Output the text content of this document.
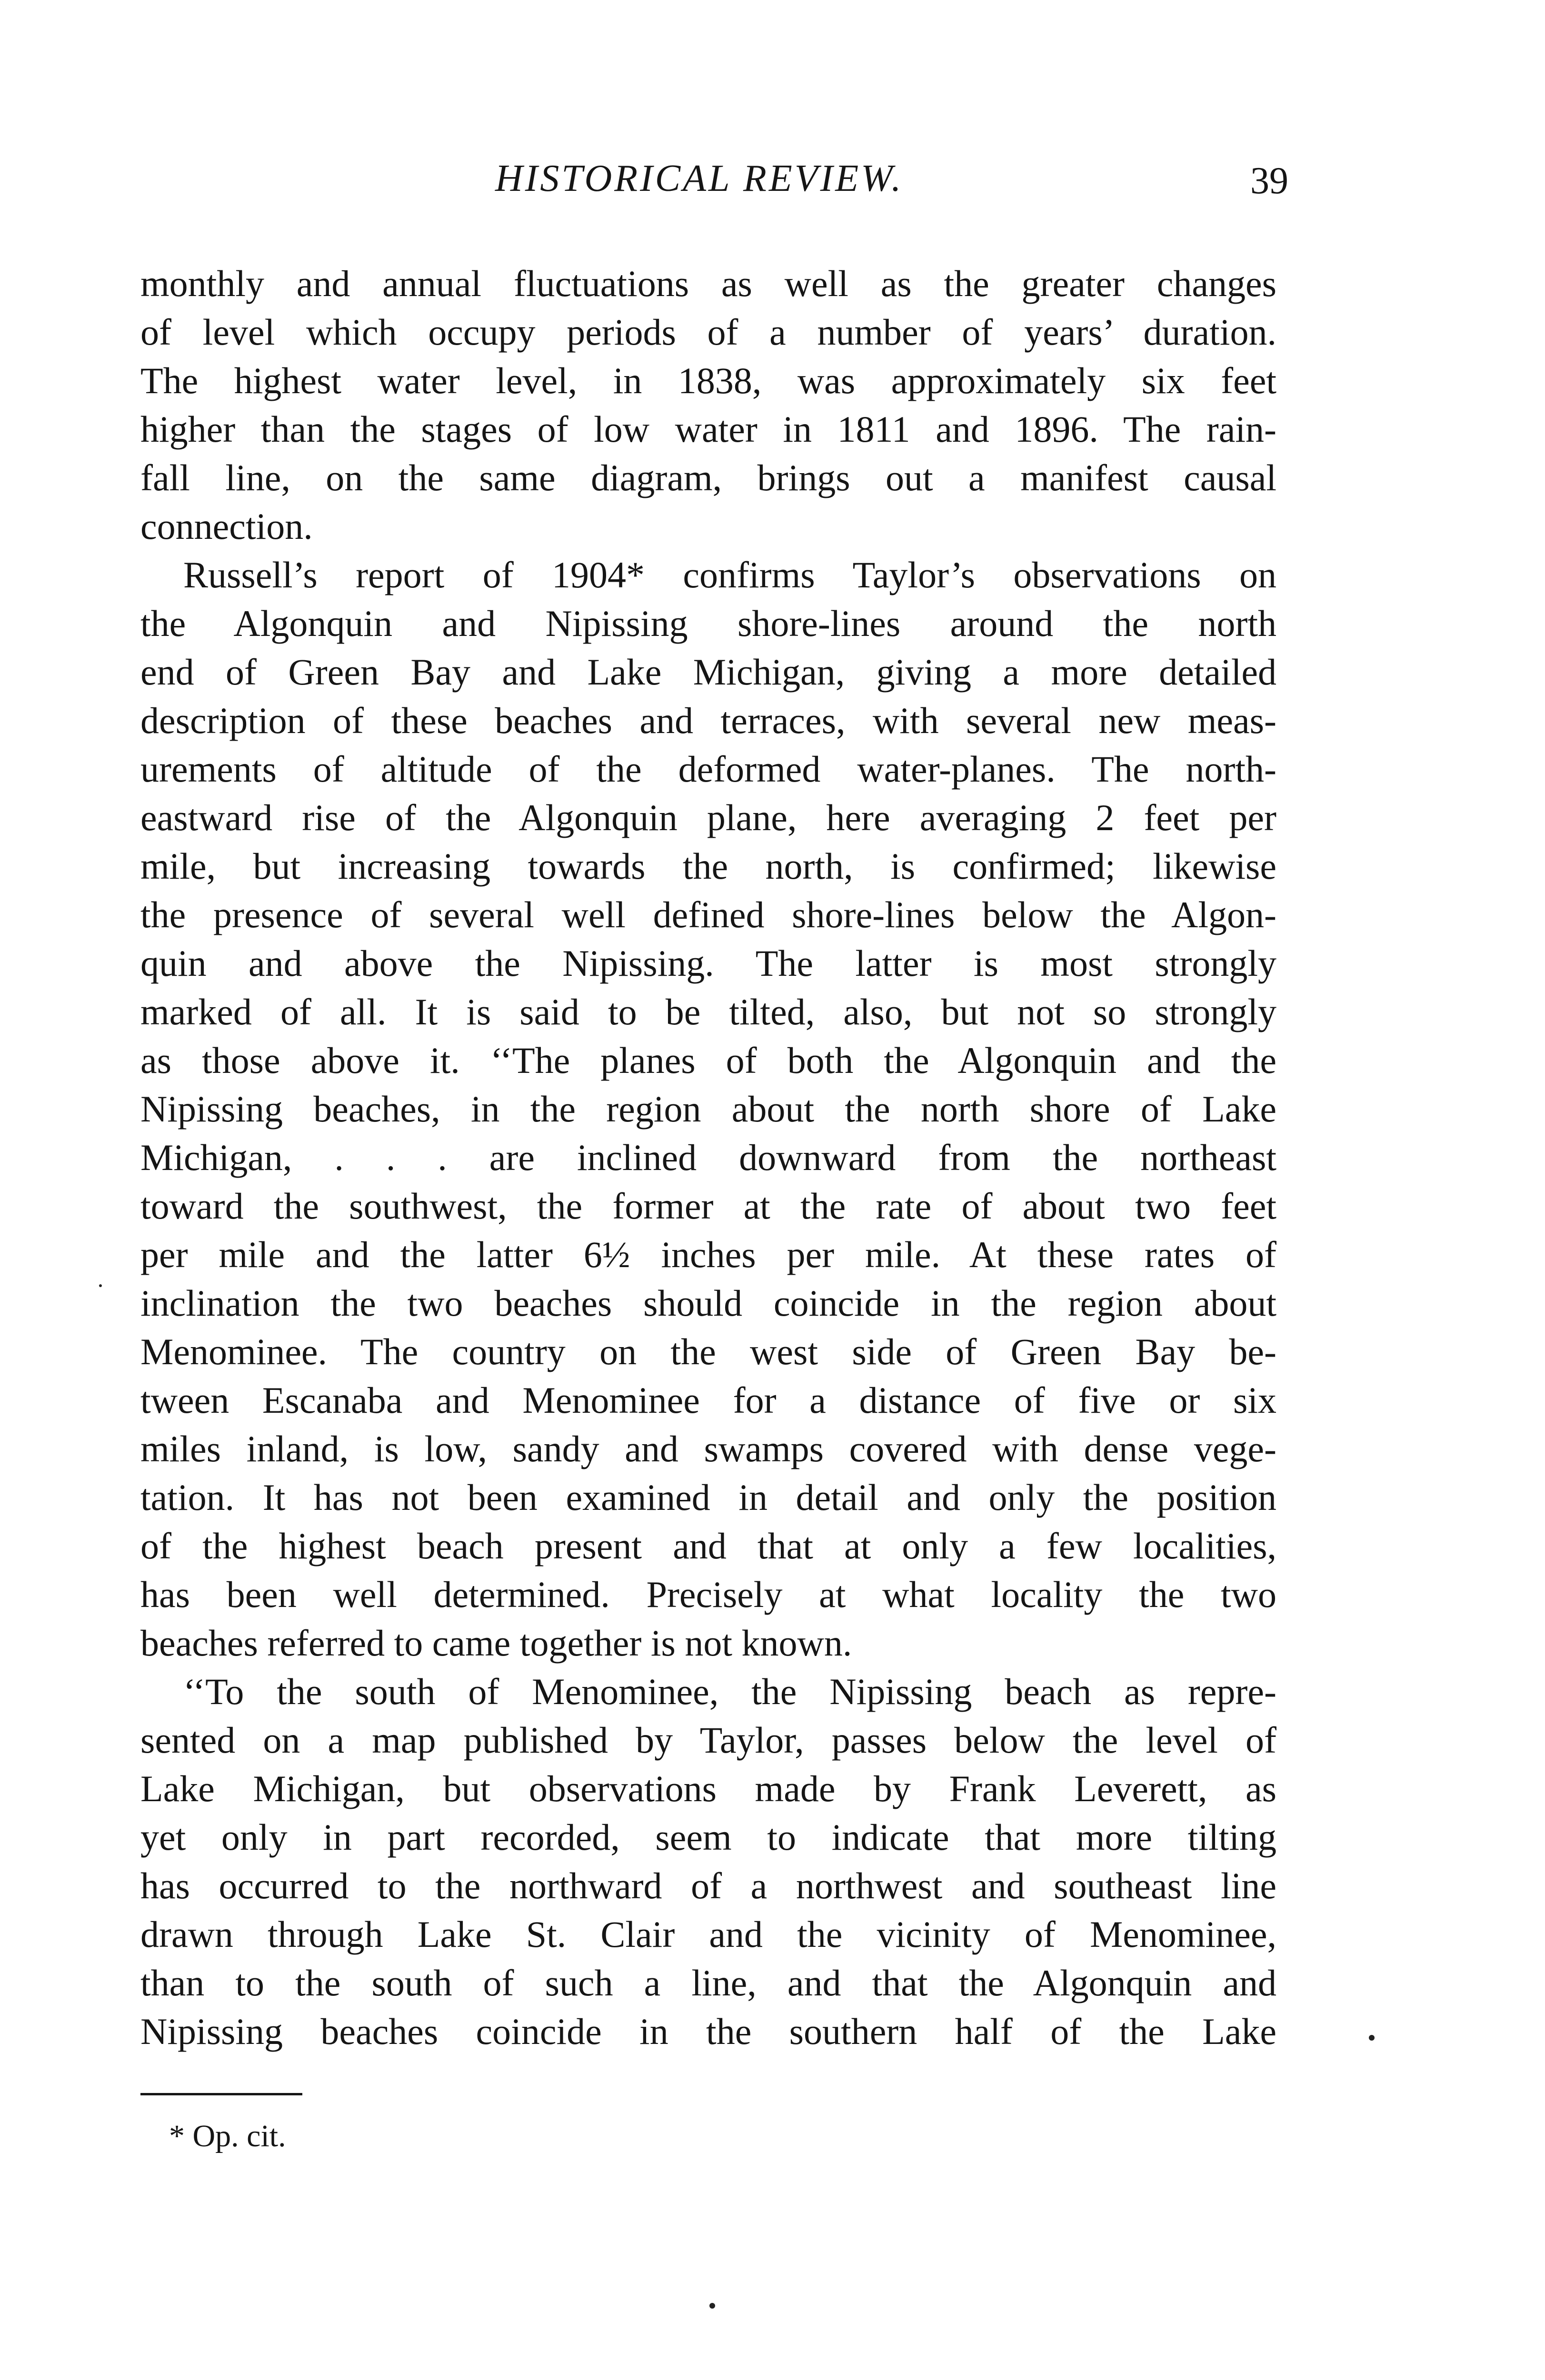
HISTORICAL REVIEW.	39
monthly and annual fluctuations as well as the greater changes
of level which occupy periods of a number of years’ duration.
The highest water level, in 1838, was approximately six feet
higher than the stages of low water in 1811 and 1896. The rain-
fall line, on the same diagram, brings out a manifest causal
connection.
Russell’s report of 1904* confirms Taylor’s observations on
the Algonquin and Nipissing shore-lines around the north
end of Green Bay and Lake Michigan, giving a more detailed
description of these beaches and terraces, with several new meas-
urements of altitude of the deformed water-planes. The north-
eastward rise of the Algonquin plane, here averaging 2 feet per
mile, but increasing towards the north, is confirmed; likewise
the presence of several well defined shore-lines below the Algon-
quin and above the Nipissing. The latter is most strongly
marked of all. It is said to be tilted, also, but not so strongly
as those above it. ‘‘The planes of both the Algonquin and the
Nipissing beaches, in the region about the north shore of Lake
Michigan, . . . are inclined downward from the northeast
toward the southwest, the former at the rate of about two feet
per mile and the latter 6½ inches per mile. At these rates of
inclination the two beaches should coincide in the region about
Menominee. The country on the west side of Green Bay be-
tween Escanaba and Menominee for a distance of five or six
miles inland, is low, sandy and swamps covered with dense vege-
tation. It has not been examined in detail and only the position
of the highest beach present and that at only a few localities,
has been well determined. Precisely at what locality the two
beaches referred to came together is not known.
‘‘To the south of Menominee, the Nipissing beach as repre-
sented on a map published by Taylor, passes below the level of
Lake Michigan, but observations made by Frank Leverett, as
yet only in part recorded, seem to indicate that more tilting
has occurred to the northward of a northwest and southeast line
drawn through Lake St. Clair and the vicinity of Menominee,
than to the south of such a line, and that the Algonquin and
Nipissing beaches coincide in the southern half of the Lake
* Op. cit.
